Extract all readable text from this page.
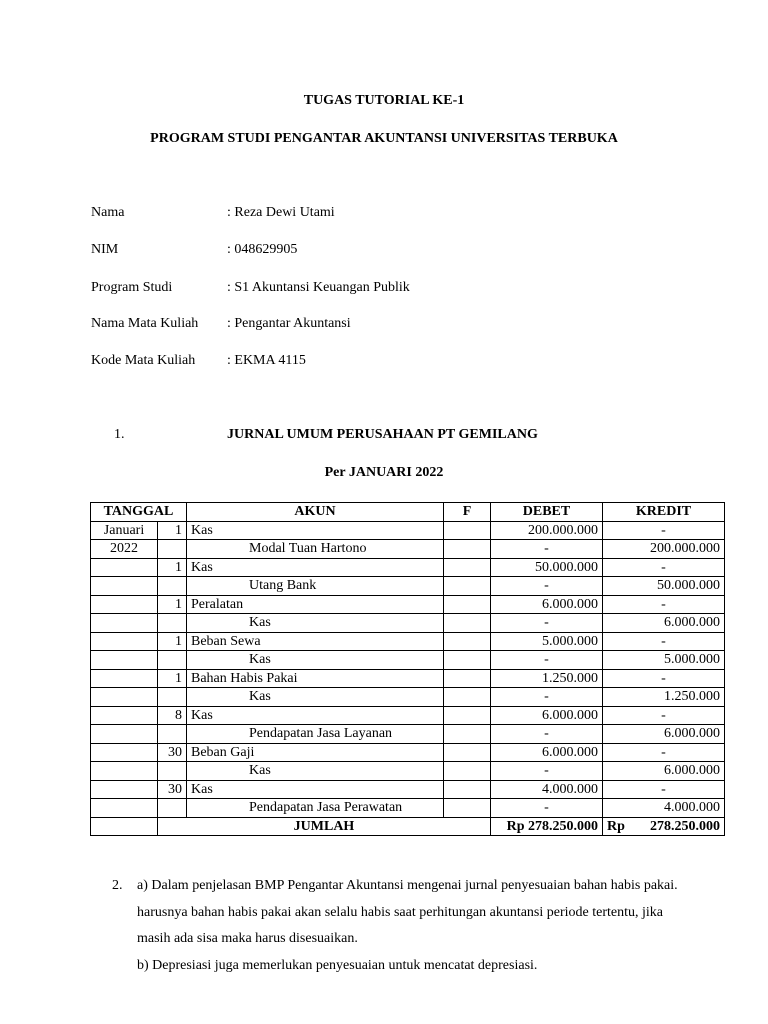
TUGAS TUTORIAL KE-1
PROGRAM STUDI PENGANTAR AKUNTANSI UNIVERSITAS TERBUKA
Nama	: Reza Dewi Utami
NIM	: 048629905
Program Studi	: S1 Akuntansi Keuangan Publik
Nama Mata Kuliah : Pengantar Akuntansi
Kode Mata Kuliah : EKMA 4115
1.	JURNAL UMUM PERUSAHAAN PT GEMILANG
Per JANUARI 2022
TANGGAL		AKUN	F	DEBET	KREDIT
Januari	1	Kas		200.000.000	-
2022		Modal Tuan Hartono		-	200.000.000
	1	Kas		50.000.000	-
		Utang Bank		-	50.000.000
	1	Peralatan		6.000.000	-
		Kas		-	6.000.000
	1	Beban Sewa		5.000.000	-
		Kas		-	5.000.000
	1	Bahan Habis Pakai		1.250.000	-
		Kas		-	1.250.000
	8	Kas		6.000.000	-
		Pendapatan Jasa Layanan		-	6.000.000
	30	Beban Gaji		6.000.000	-
		Kas		-	6.000.000
	30	Kas		4.000.000	-
		Pendapatan Jasa Perawatan		-	4.000.000
	JUMLAH			Rp 278.250.000	Rp 278.250.000
2. a) Dalam penjelasan BMP Pengantar Akuntansi mengenai jurnal penyesuaian bahan habis pakai.
harusnya bahan habis pakai akan selalu habis saat perhitungan akuntansi periode tertentu, jika
masih ada sisa maka harus disesuaikan.
b) Depresiasi juga memerlukan penyesuaian untuk mencatat depresiasi.
